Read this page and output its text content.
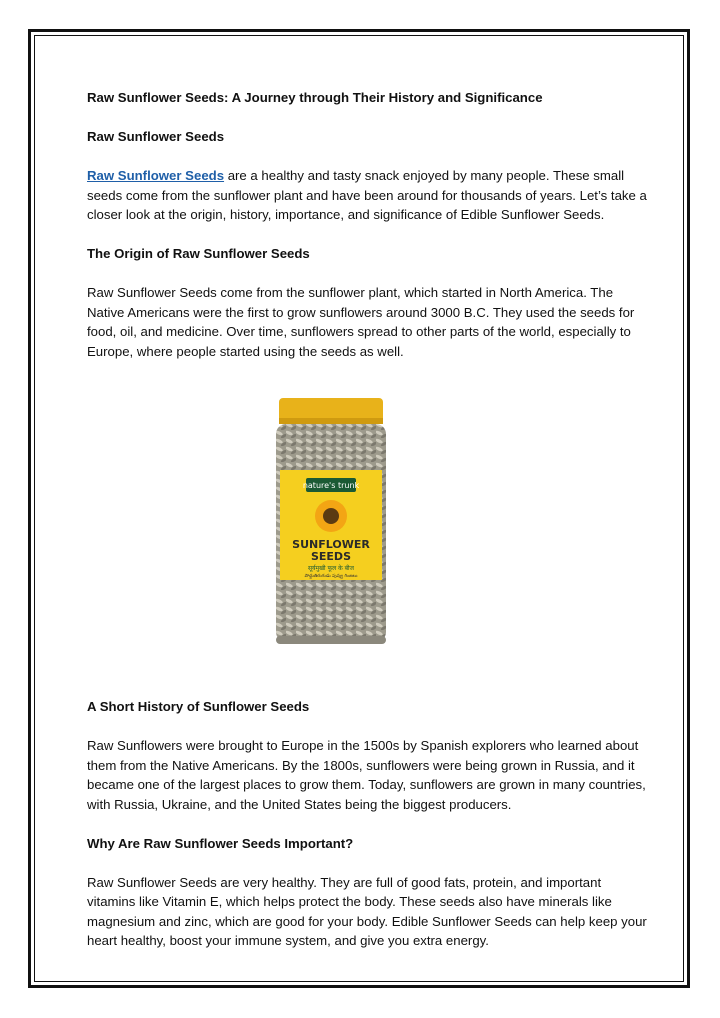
Raw Sunflower Seeds: A Journey through Their History and Significance

Raw Sunflower Seeds

Raw Sunflower Seeds are a healthy and tasty snack enjoyed by many people. These small seeds come from the sunflower plant and have been around for thousands of years. Let’s take a closer look at the origin, history, importance, and significance of Edible Sunflower Seeds.

The Origin of Raw Sunflower Seeds

Raw Sunflower Seeds come from the sunflower plant, which started in North America. The Native Americans were the first to grow sunflowers around 3000 B.C. They used the seeds for food, oil, and medicine. Over time, sunflowers spread to other parts of the world, especially to Europe, where people started using the seeds as well.

nature's trunk
SUNFLOWER
SEEDS
सूर्यमुखी फूल के बीज
పొద్దుతిరుగుడు పువ్వు గింజలు

A Short History of Sunflower Seeds

Raw Sunflowers were brought to Europe in the 1500s by Spanish explorers who learned about them from the Native Americans. By the 1800s, sunflowers were being grown in Russia, and it became one of the largest places to grow them. Today, sunflowers are grown in many countries, with Russia, Ukraine, and the United States being the biggest producers.

Why Are Raw Sunflower Seeds Important?

Raw Sunflower Seeds are very healthy. They are full of good fats, protein, and important vitamins like Vitamin E, which helps protect the body. These seeds also have minerals like magnesium and zinc, which are good for your body. Edible Sunflower Seeds can help keep your heart healthy, boost your immune system, and give you extra energy.
